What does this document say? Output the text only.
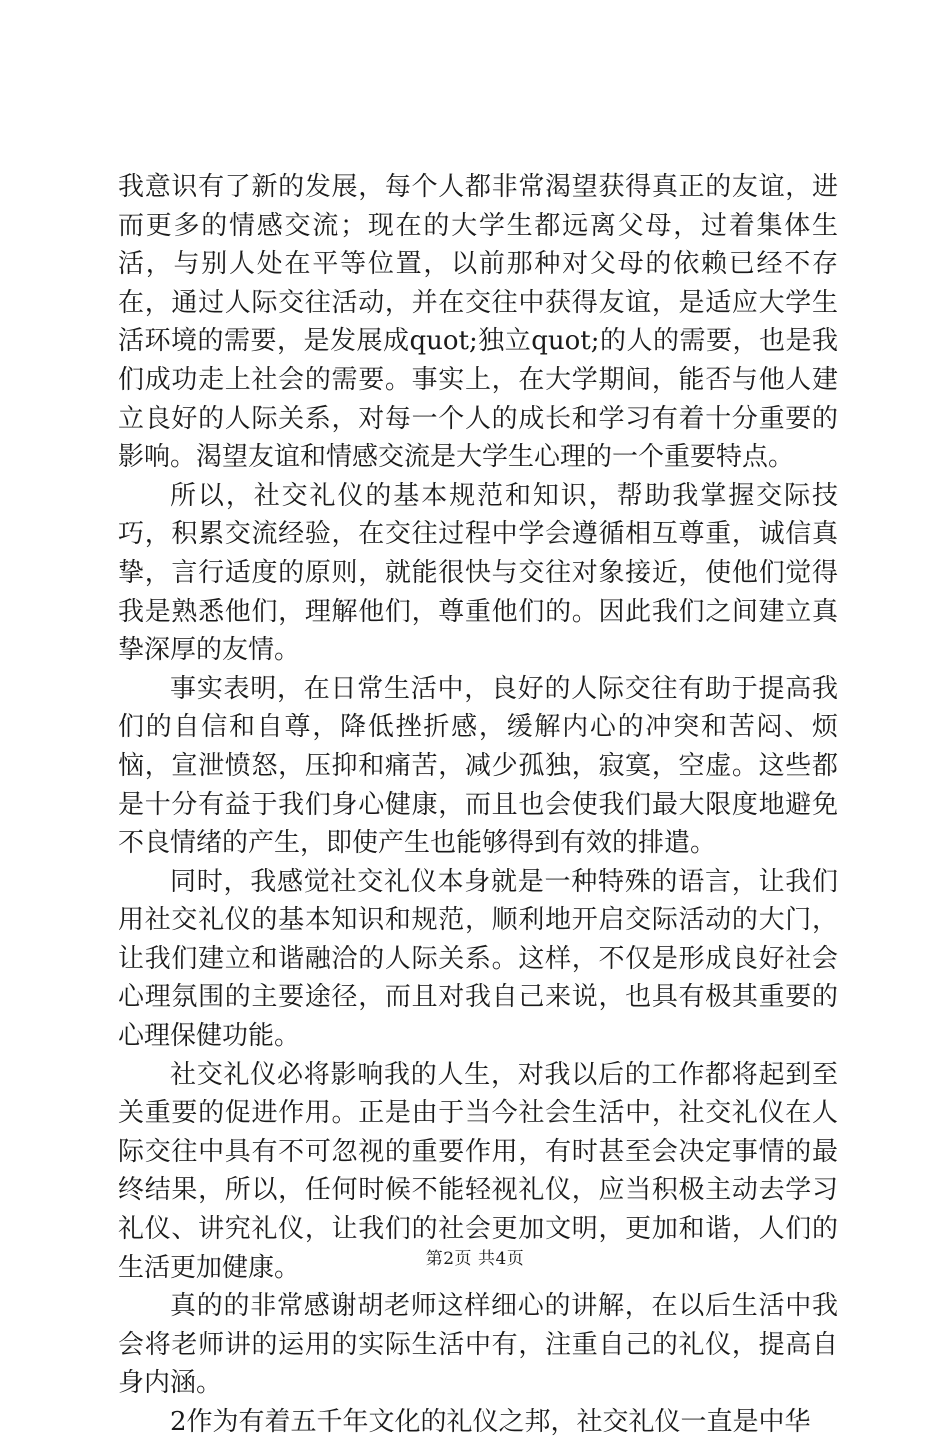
我意识有了新的发展，每个人都非常渴望获得真正的友谊，进而更多的情感交流；现在的大学生都远离父母，过着集体生活，与别人处在平等位置，以前那种对父母的依赖已经不存在，通过人际交往活动，并在交往中获得友谊，是适应大学生活环境的需要，是发展成quot;独立quot;的人的需要，也是我们成功走上社会的需要。事实上，在大学期间，能否与他人建立良好的人际关系，对每一个人的成长和学习有着十分重要的影响。渴望友谊和情感交流是大学生心理的一个重要特点。

所以，社交礼仪的基本规范和知识，帮助我掌握交际技巧，积累交流经验，在交往过程中学会遵循相互尊重，诚信真挚，言行适度的原则，就能很快与交往对象接近，使他们觉得我是熟悉他们，理解他们，尊重他们的。因此我们之间建立真挚深厚的友情。

事实表明，在日常生活中，良好的人际交往有助于提高我们的自信和自尊，降低挫折感，缓解内心的冲突和苦闷、烦恼，宣泄愤怒，压抑和痛苦，减少孤独，寂寞，空虚。这些都是十分有益于我们身心健康，而且也会使我们最大限度地避免不良情绪的产生，即使产生也能够得到有效的排遣。

同时，我感觉社交礼仪本身就是一种特殊的语言，让我们用社交礼仪的基本知识和规范，顺利地开启交际活动的大门，让我们建立和谐融洽的人际关系。这样，不仅是形成良好社会心理氛围的主要途径，而且对我自己来说，也具有极其重要的心理保健功能。

社交礼仪必将影响我的人生，对我以后的工作都将起到至关重要的促进作用。正是由于当今社会生活中，社交礼仪在人际交往中具有不可忽视的重要作用，有时甚至会决定事情的最终结果，所以，任何时候不能轻视礼仪，应当积极主动去学习礼仪、讲究礼仪，让我们的社会更加文明，更加和谐，人们的生活更加健康。

真的的非常感谢胡老师这样细心的讲解，在以后生活中我会将老师讲的运用的实际生活中有，注重自己的礼仪，提高自身内涵。

2作为有着五千年文化的礼仪之邦，社交礼仪一直是中华

第2页 共4页
